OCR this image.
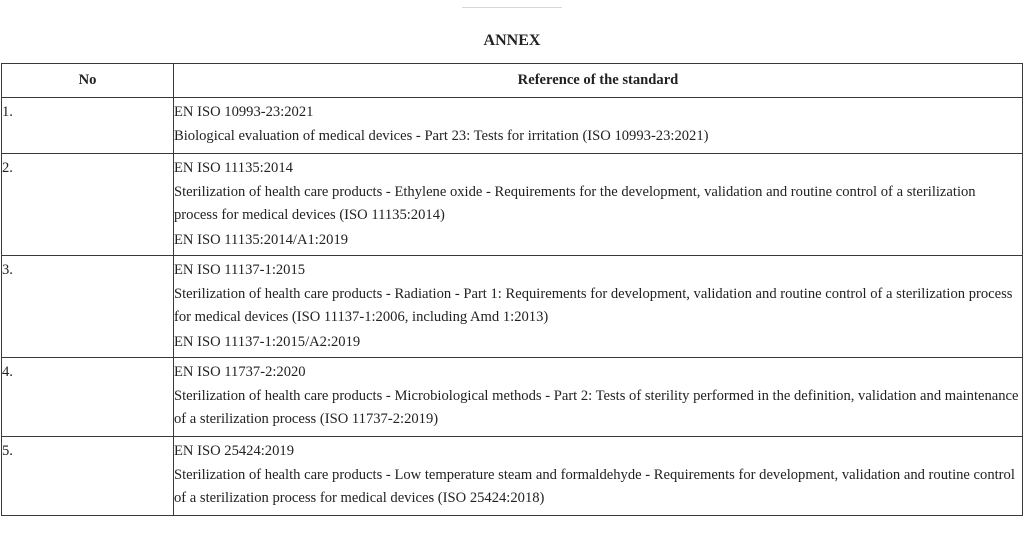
ANNEX
No	Reference of the standard
1.	EN ISO 10993-23:2021

Biological evaluation of medical devices - Part 23: Tests for irritation (ISO 10993-23:2021)

2.	EN ISO 11135:2014

Sterilization of health care products - Ethylene oxide - Requirements for the development, validation and routine control of a sterilization process for medical devices (ISO 11135:2014)

EN ISO 11135:2014/A1:2019

3.	EN ISO 11137-1:2015

Sterilization of health care products - Radiation - Part 1: Requirements for development, validation and routine control of a sterilization process for medical devices (ISO 11137-1:2006, including Amd 1:2013)

EN ISO 11137-1:2015/A2:2019

4.	EN ISO 11737-2:2020

Sterilization of health care products - Microbiological methods - Part 2: Tests of sterility performed in the definition, validation and maintenance of a sterilization process (ISO 11737-2:2019)

5.	EN ISO 25424:2019

Sterilization of health care products - Low temperature steam and formaldehyde - Requirements for development, validation and routine control of a sterilization process for medical devices (ISO 25424:2018)
